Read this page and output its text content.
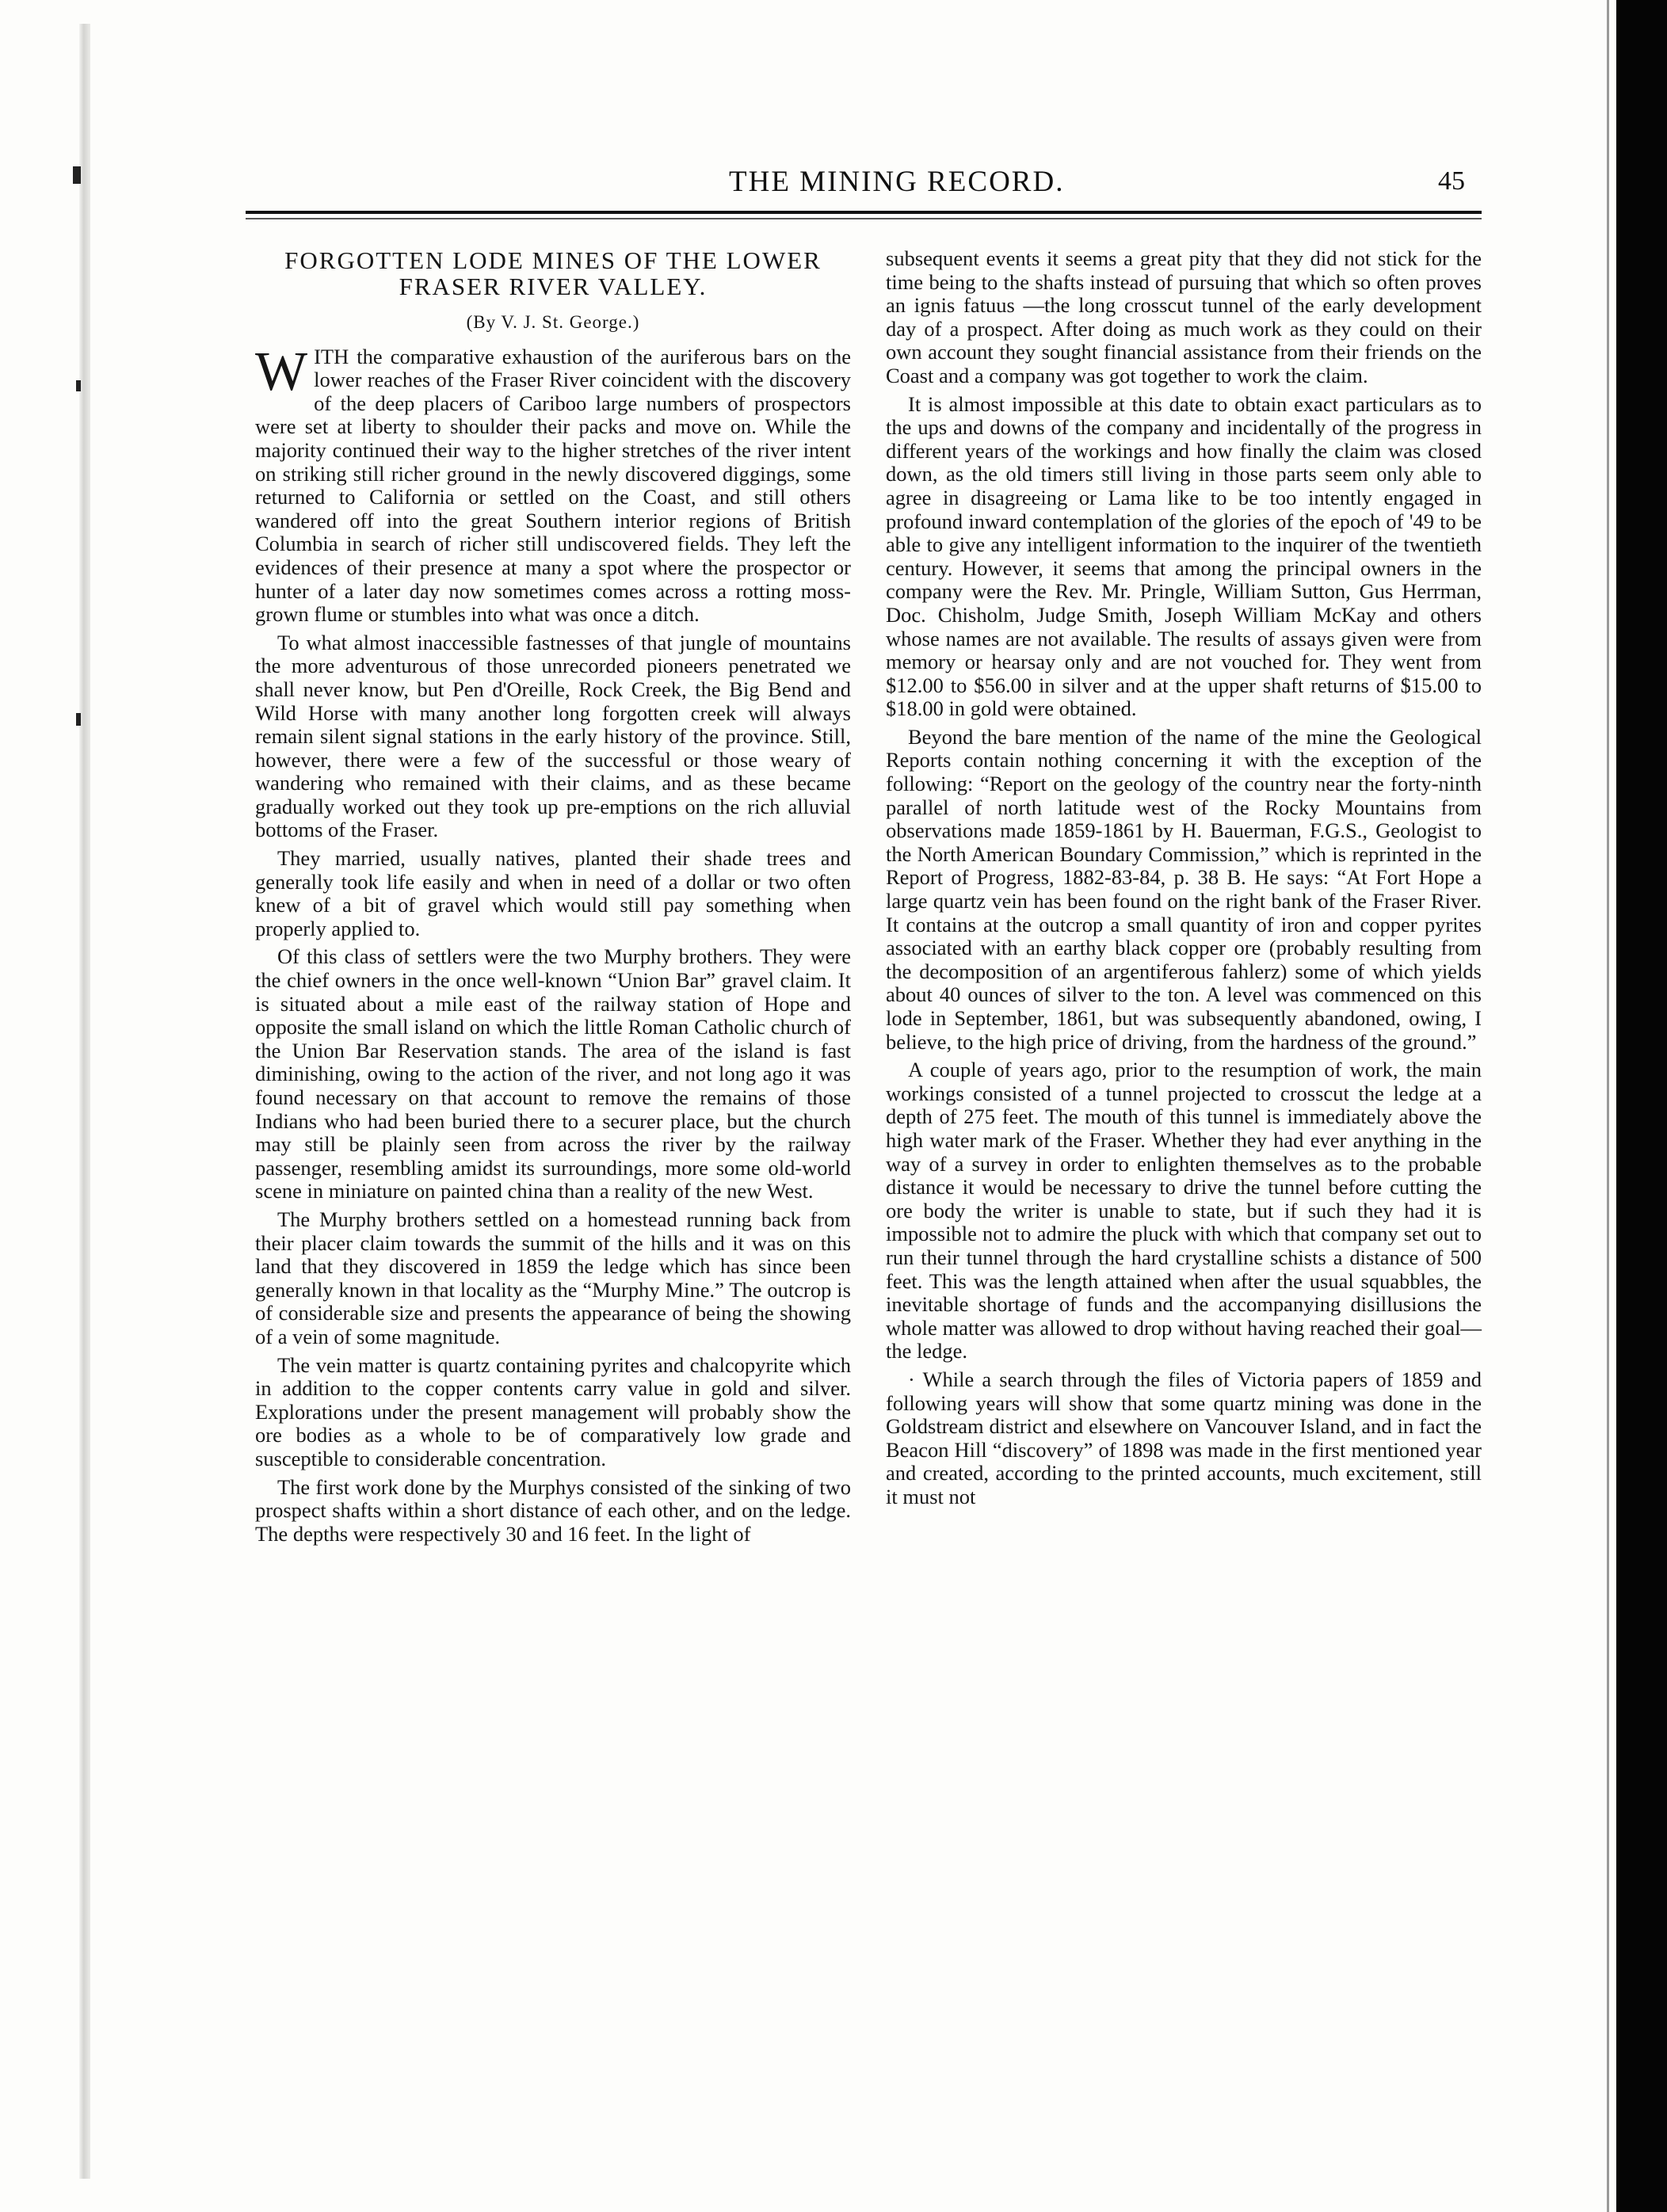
THE MINING RECORD.	45
FORGOTTEN LODE MINES OF THE LOWER FRASER RIVER VALLEY.
(By V. J. St. George.)

WITH the comparative exhaustion of the auriferous bars on the lower reaches of the Fraser River coincident with the discovery of the deep placers of Cariboo large numbers of prospectors were set at liberty to shoulder their packs and move on. While the majority continued their way to the higher stretches of the river intent on striking still richer ground in the newly discovered diggings, some returned to California or settled on the Coast, and still others wandered off into the great Southern interior regions of British Columbia in search of richer still undiscovered fields. They left the evidences of their presence at many a spot where the prospector or hunter of a later day now sometimes comes across a rotting moss-grown flume or stumbles into what was once a ditch.

To what almost inaccessible fastnesses of that jungle of mountains the more adventurous of those unrecorded pioneers penetrated we shall never know, but Pen d'Oreille, Rock Creek, the Big Bend and Wild Horse with many another long forgotten creek will always remain silent signal stations in the early history of the province. Still, however, there were a few of the successful or those weary of wandering who remained with their claims, and as these became gradually worked out they took up pre-emptions on the rich alluvial bottoms of the Fraser.

They married, usually natives, planted their shade trees and generally took life easily and when in need of a dollar or two often knew of a bit of gravel which would still pay something when properly applied to.

Of this class of settlers were the two Murphy brothers. They were the chief owners in the once well-known “Union Bar” gravel claim. It is situated about a mile east of the railway station of Hope and opposite the small island on which the little Roman Catholic church of the Union Bar Reservation stands. The area of the island is fast diminishing, owing to the action of the river, and not long ago it was found necessary on that account to remove the remains of those Indians who had been buried there to a securer place, but the church may still be plainly seen from across the river by the railway passenger, resembling amidst its surroundings, more some old-world scene in miniature on painted china than a reality of the new West.

The Murphy brothers settled on a homestead running back from their placer claim towards the summit of the hills and it was on this land that they discovered in 1859 the ledge which has since been generally known in that locality as the “Murphy Mine.” The outcrop is of considerable size and presents the appearance of being the showing of a vein of some magnitude.

The vein matter is quartz containing pyrites and chalcopyrite which in addition to the copper contents carry value in gold and silver. Explorations under the present management will probably show the ore bodies as a whole to be of comparatively low grade and susceptible to considerable concentration.

The first work done by the Murphys consisted of the sinking of two prospect shafts within a short distance of each other, and on the ledge. The depths were respectively 30 and 16 feet. In the light of

subsequent events it seems a great pity that they did not stick for the time being to the shafts instead of pursuing that which so often proves an ignis fatuus —the long crosscut tunnel of the early development day of a prospect. After doing as much work as they could on their own account they sought financial assistance from their friends on the Coast and a company was got together to work the claim.

It is almost impossible at this date to obtain exact particulars as to the ups and downs of the company and incidentally of the progress in different years of the workings and how finally the claim was closed down, as the old timers still living in those parts seem only able to agree in disagreeing or Lama like to be too intently engaged in profound inward contemplation of the glories of the epoch of '49 to be able to give any intelligent information to the inquirer of the twentieth century. However, it seems that among the principal owners in the company were the Rev. Mr. Pringle, William Sutton, Gus Herrman, Doc. Chisholm, Judge Smith, Joseph William McKay and others whose names are not available. The results of assays given were from memory or hearsay only and are not vouched for. They went from $12.00 to $56.00 in silver and at the upper shaft returns of $15.00 to $18.00 in gold were obtained.

Beyond the bare mention of the name of the mine the Geological Reports contain nothing concerning it with the exception of the following: “Report on the geology of the country near the forty-ninth parallel of north latitude west of the Rocky Mountains from observations made 1859-1861 by H. Bauerman, F.G.S., Geologist to the North American Boundary Commission,” which is reprinted in the Report of Progress, 1882-83-84, p. 38 B. He says: “At Fort Hope a large quartz vein has been found on the right bank of the Fraser River. It contains at the outcrop a small quantity of iron and copper pyrites associated with an earthy black copper ore (probably resulting from the decomposition of an argentiferous fahlerz) some of which yields about 40 ounces of silver to the ton. A level was commenced on this lode in September, 1861, but was subsequently abandoned, owing, I believe, to the high price of driving, from the hardness of the ground.”

A couple of years ago, prior to the resumption of work, the main workings consisted of a tunnel projected to crosscut the ledge at a depth of 275 feet. The mouth of this tunnel is immediately above the high water mark of the Fraser. Whether they had ever anything in the way of a survey in order to enlighten themselves as to the probable distance it would be necessary to drive the tunnel before cutting the ore body the writer is unable to state, but if such they had it is impossible not to admire the pluck with which that company set out to run their tunnel through the hard crystalline schists a distance of 500 feet. This was the length attained when after the usual squabbles, the inevitable shortage of funds and the accompanying disillusions the whole matter was allowed to drop without having reached their goal—the ledge.

· While a search through the files of Victoria papers of 1859 and following years will show that some quartz mining was done in the Goldstream district and elsewhere on Vancouver Island, and in fact the Beacon Hill “discovery” of 1898 was made in the first mentioned year and created, according to the printed accounts, much excitement, still it must not
